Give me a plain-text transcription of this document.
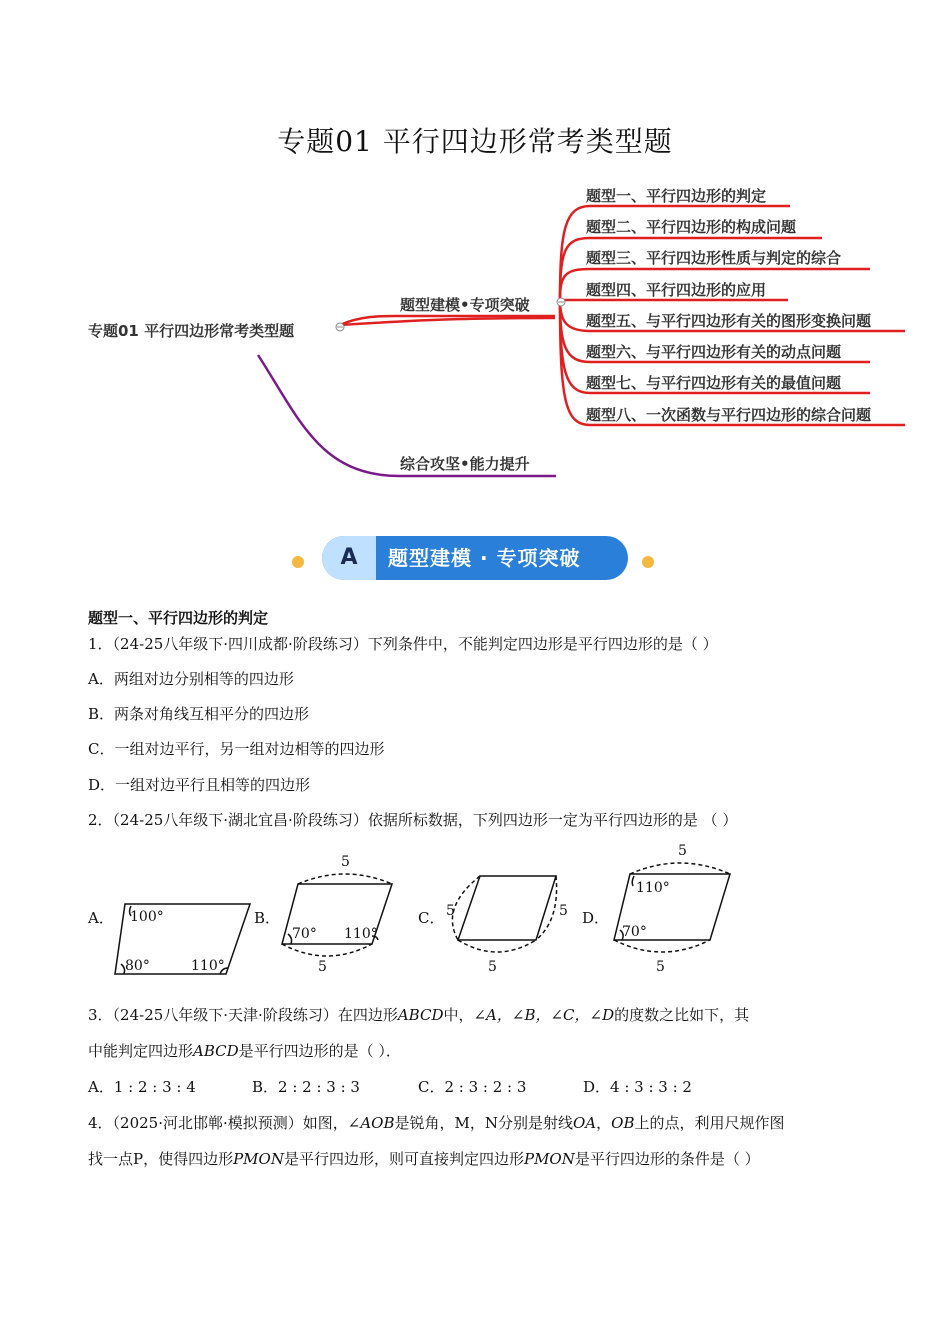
专题01 平行四边形常考类型题
专题01 平行四边形常考类型题
题型建模•专项突破
综合攻坚•能力提升
题型一、平行四边形的判定
题型二、平行四边形的构成问题
题型三、平行四边形性质与判定的综合
题型四、平行四边形的应用
题型五、与平行四边形有关的图形变换问题
题型六、与平行四边形有关的动点问题
题型七、与平行四边形有关的最值问题
题型八、一次函数与平行四边形的综合问题
A	题型建模 · 专项突破
题型一、平行四边形的判定
1．（24-25八年级下·四川成都·阶段练习）下列条件中，不能判定四边形是平行四边形的是（ ）
A．两组对边分别相等的四边形
B．两条对角线互相平分的四边形
C．一组对边平行，另一组对边相等的四边形
D．一组对边平行且相等的四边形
2．（24-25八年级下·湖北宜昌·阶段练习）依据所标数据，下列四边形一定为平行四边形的是 （ ）
A．	B．	C．	D．
100°
80°	110°
5
5
70° 110°
5	5
5
5
5
110°
70°
3．（24-25八年级下·天津·阶段练习）在四边形ABCD中，∠A，∠B，∠C，∠D的度数之比如下，其
中能判定四边形ABCD是平行四边形的是（ ）．
A．1 : 2 : 3 : 4	B．2 : 2 : 3 : 3	C．2 : 3 : 2 : 3	D．4 : 3 : 3 : 2
4．（2025·河北邯郸·模拟预测）如图，∠AOB是锐角，M，N分别是射线OA，OB上的点，利用尺规作图
找一点P，使得四边形PMON是平行四边形，则可直接判定四边形PMON是平行四边形的条件是（ ）
